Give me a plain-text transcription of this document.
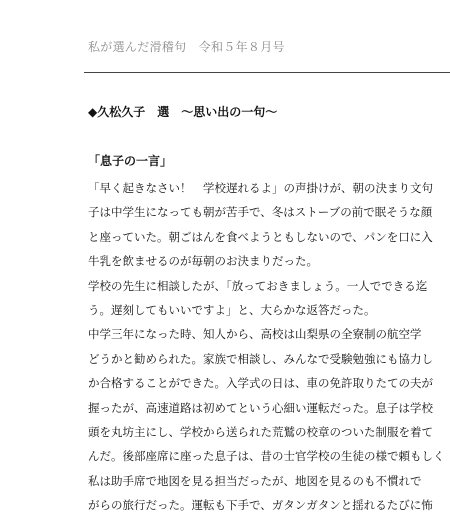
私が選んだ滑稽句　令和５年８月号
◆久松久子　選　～思い出の一句～
「息子の一言」
「早く起きなさい！　学校遅れるよ」の声掛けが、朝の決まり文句
子は中学生になっても朝が苦手で、冬はストーブの前で眠そうな顔
と座っていた。朝ごはんを食べようともしないので、パンを口に入
牛乳を飲ませるのが毎朝のお決まりだった。
学校の先生に相談したが、「放っておきましょう。一人でできる迄
う。遅刻してもいいですよ」と、大らかな返答だった。
中学三年になった時、知人から、高校は山梨県の全寮制の航空学
どうかと勧められた。家族で相談し、みんなで受験勉強にも協力し
か合格することができた。入学式の日は、車の免許取りたての夫が
握ったが、高速道路は初めてという心細い運転だった。息子は学校
頭を丸坊主にし、学校から送られた荒鷲の校章のついた制服を着て
んだ。後部座席に座った息子は、昔の士官学校の生徒の様で頼もしく
私は助手席で地図を見る担当だったが、地図を見るのも不慣れで
がらの旅行だった。運転も下手で、ガタンガタンと揺れるたびに怖
